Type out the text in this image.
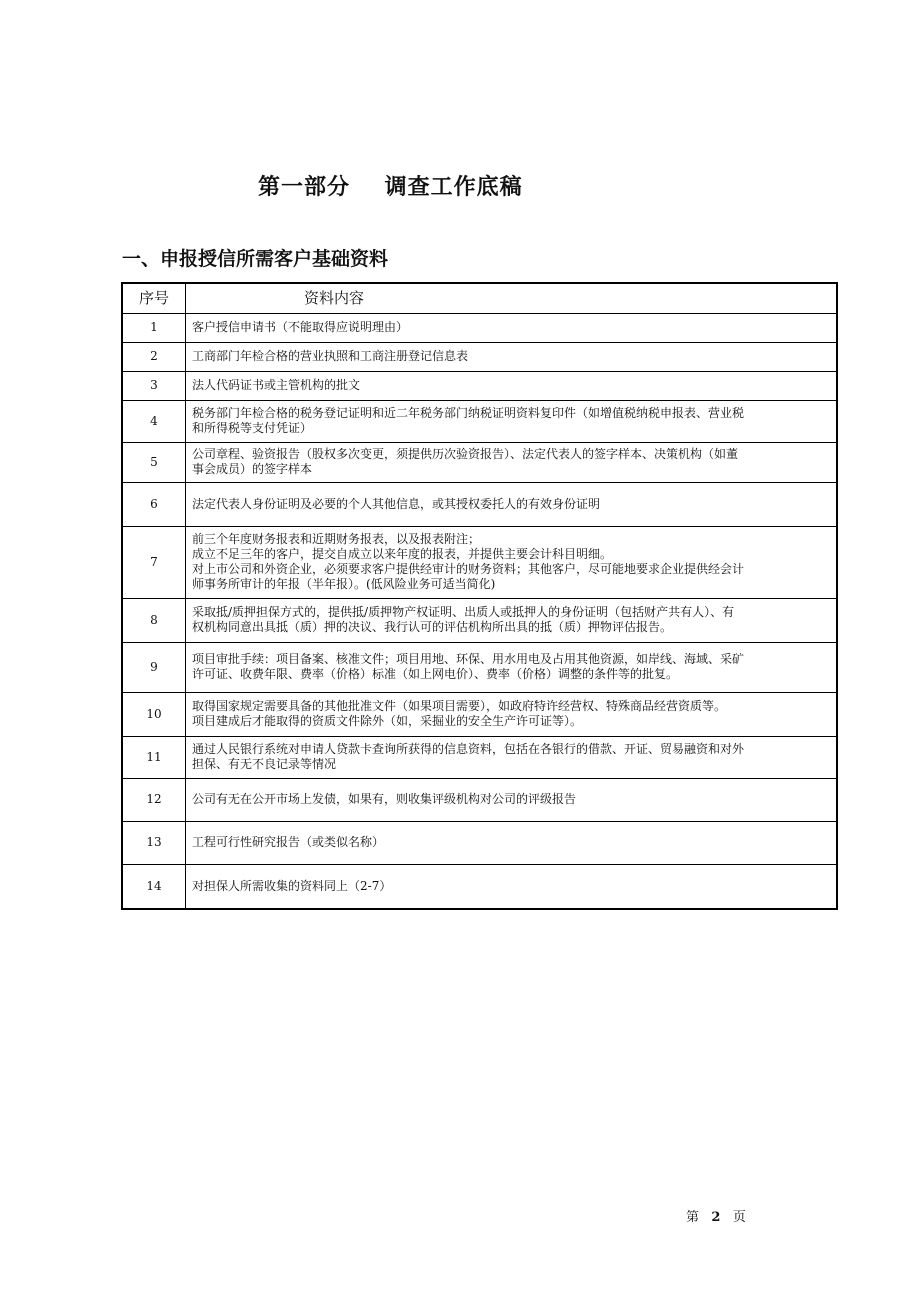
第一部分    调查工作底稿
一、申报授信所需客户基础资料
序号	资料内容
1	客户授信申请书（不能取得应说明理由）

2	工商部门年检合格的营业执照和工商注册登记信息表

3	法人代码证书或主管机构的批文

4	税务部门年检合格的税务登记证明和近二年税务部门纳税证明资料复印件（如增值税纳税申报表、营业税
和所得税等支付凭证）

5	公司章程、验资报告（股权多次变更，须提供历次验资报告）、法定代表人的签字样本、决策机构（如董
事会成员）的签字样本

6	法定代表人身份证明及必要的个人其他信息，或其授权委托人的有效身份证明

7	前三个年度财务报表和近期财务报表，以及报表附注；
成立不足三年的客户，提交自成立以来年度的报表，并提供主要会计科目明细。
对上市公司和外资企业，必须要求客户提供经审计的财务资料；其他客户，尽可能地要求企业提供经会计
师事务所审计的年报（半年报）。(低风险业务可适当简化)

8	采取抵/质押担保方式的，提供抵/质押物产权证明、出质人或抵押人的身份证明（包括财产共有人）、有
权机构同意出具抵（质）押的决议、我行认可的评估机构所出具的抵（质）押物评估报告。

9	项目审批手续：项目备案、核准文件；项目用地、环保、用水用电及占用其他资源，如岸线、海域、采矿
许可证、收费年限、费率（价格）标准（如上网电价）、费率（价格）调整的条件等的批复。

10	取得国家规定需要具备的其他批准文件（如果项目需要），如政府特许经营权、特殊商品经营资质等。
项目建成后才能取得的资质文件除外（如，采掘业的安全生产许可证等）。

11	通过人民银行系统对申请人贷款卡查询所获得的信息资料，包括在各银行的借款、开证、贸易融资和对外
担保、有无不良记录等情况

12	公司有无在公开市场上发债，如果有，则收集评级机构对公司的评级报告

13	工程可行性研究报告（或类似名称）

14	对担保人所需收集的资料同上（2-7）
第 2 页
